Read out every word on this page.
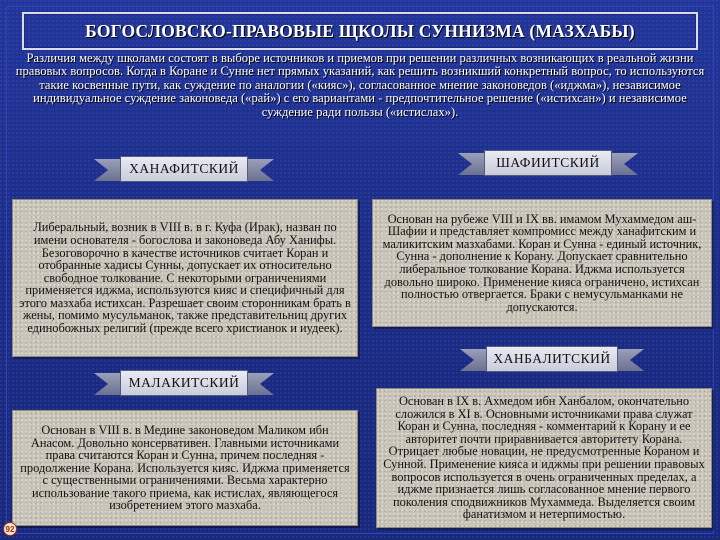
БОГОСЛОВСКО-ПРАВОВЫЕ ЩКОЛЫ СУННИЗМА (МАЗХАБЫ)

Различия между школами состоят в выборе источников и приемов при решении различных возникающих в реальной жизни правовых вопросов. Когда в Коране и Сунне нет прямых указаний, как решить возникший конкретный вопрос, то используются такие косвенные пути, как суждение по аналогии («кияс»), согласованное мнение законоведов («иджма»), независимое индивидуальное суждение законоведа («рай») с его вариантами - предпочтительное решение («истихсан») и независимое суждение ради пользы («истислах»).

ХАНАФИТСКИЙ
Либеральный, возник в VIII в. в г. Куфа (Ирак), назван по имени основателя - богослова и законоведа Абу Ханифы. Безоговорочно в качестве источников считает Коран и отобранные хадисы Сунны, допускает их относительно свободное толкование. С некоторыми ограничениями применяется иджма, используются кияс и специфичный для этого мазхаба истихсан. Разрешает своим сторонникам брать в жены, помимо мусульманок, также представительниц других единобожных религий (прежде всего христианок и иудеек).
ШАФИИТСКИЙ
Основан на рубеже VIII и IX вв. имамом Мухаммедом аш-Шафии и представляет компромисс между ханафитским и маликитским мазхабами. Коран и Сунна - единый источник, Сунна - дополнение к Корану. Допускает сравнительно либеральное толкование Корана. Иджма используется довольно широко. Применение кияса ограничено, истихсан полностью отвергается. Браки с немусульманками не допускаются.
МАЛАКИТСКИЙ
Основан в VIII в. в Медине законоведом Маликом ибн Анасом. Довольно консервативен. Главными источниками права считаются Коран и Сунна, причем последняя - продолжение Корана. Используется кияс. Иджма применяется с существенными ограничениями. Весьма характерно использование такого приема, как истислах, являющегося изобретением этого мазхаба.
ХАНБАЛИТСКИЙ
Основан в IX в. Ахмедом ибн Ханбалом, окончательно сложился в XI в. Основными источниками права служат Коран и Сунна, последняя - комментарий к Корану и ее авторитет почти приравнивается авторитету Корана. Отрицает любые новации, не предусмотренные Кораном и Сунной. Применение кияса и иджмы при решении правовых вопросов используется в очень ограниченных пределах, а иджме признается лишь согласованное мнение первого поколения сподвижников Мухаммеда. Выделяется своим фанатизмом и нетерпимостью.
92
